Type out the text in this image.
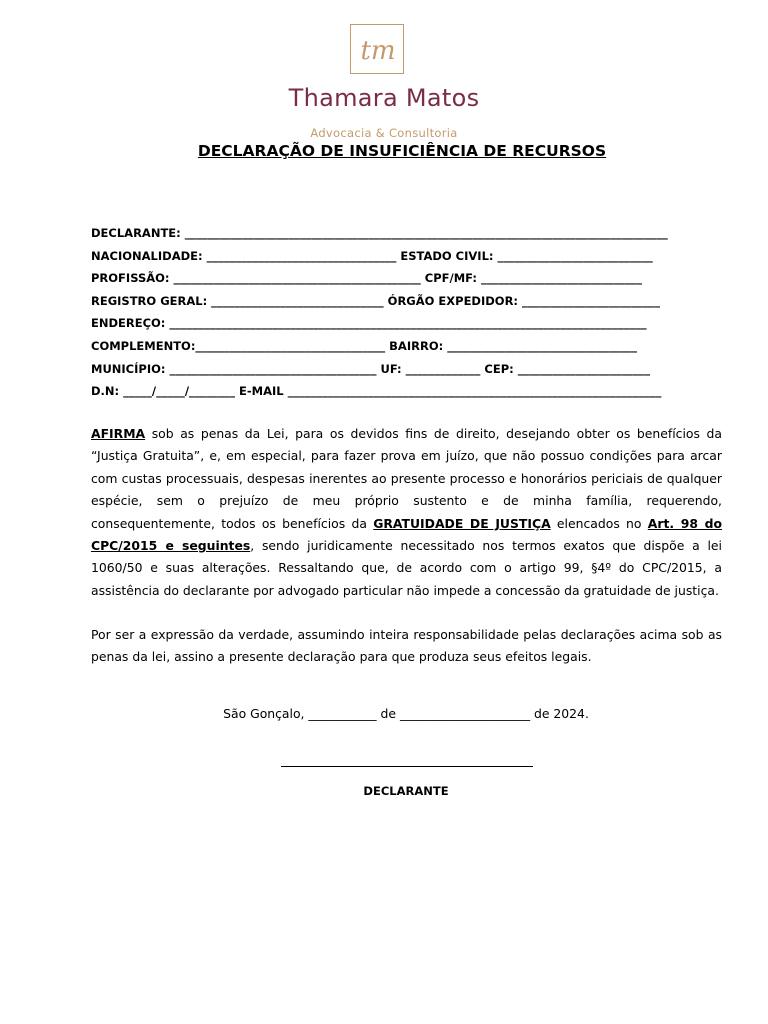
tm
Thamara Matos
Advocacia & Consultoria
DECLARAÇÃO DE INSUFICIÊNCIA DE RECURSOS
DECLARANTE: ____________________________________________________________________________________
NACIONALIDADE: _________________________________ ESTADO CIVIL: ___________________________
PROFISSÃO: ___________________________________________ CPF/MF: ____________________________
REGISTRO GERAL: ______________________________ ÓRGÃO EXPEDIDOR: ________________________
ENDEREÇO: ___________________________________________________________________________________
COMPLEMENTO:_________________________________ BAIRRO: _________________________________
MUNICÍPIO: ____________________________________ UF: _____________ CEP: _______________________
D.N: _____/_____/________ E-MAIL _________________________________________________________________
AFIRMA sob as penas da Lei, para os devidos fins de direito, desejando obter os benefícios da “Justiça Gratuita”, e, em especial, para fazer prova em juízo, que não possuo condições para arcar com custas processuais, despesas inerentes ao presente processo e honorários periciais de qualquer espécie, sem o prejuízo de meu próprio sustento e de minha família, requerendo, consequentemente, todos os benefícios da GRATUIDADE DE JUSTIÇA elencados no Art. 98 do CPC/2015 e seguintes, sendo juridicamente necessitado nos termos exatos que dispõe a lei 1060/50 e suas alterações. Ressaltando que, de acordo com o artigo 99, §4º do CPC/2015, a assistência do declarante por advogado particular não impede a concessão da gratuidade de justiça.
Por ser a expressão da verdade, assumindo inteira responsabilidade pelas declarações acima sob as penas da lei, assino a presente declaração para que produza seus efeitos legais.
São Gonçalo, ___________ de _____________________ de 2024.
DECLARANTE
